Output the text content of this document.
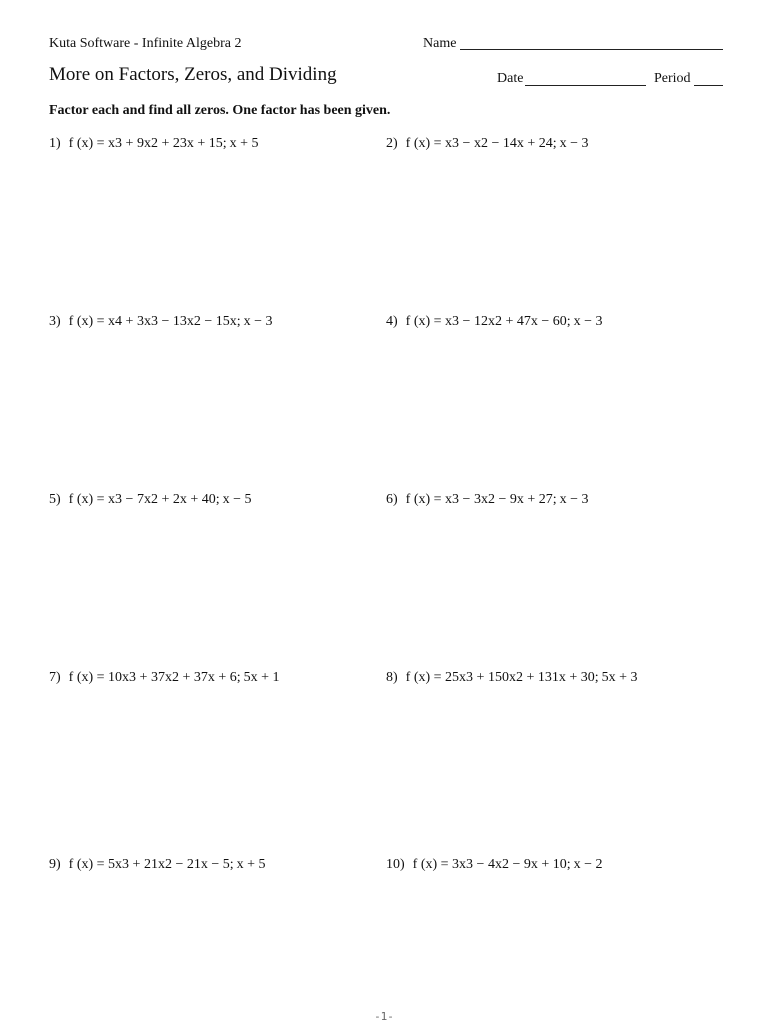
Kuta Software - Infinite Algebra 2	Name
More on Factors, Zeros, and Dividing	Date	Period
Factor each and find all zeros. One factor has been given.
1) f (x) = x3 + 9x2 + 23x + 15; x + 5	2) f (x) = x3 − x2 − 14x + 24; x − 3
3) f (x) = x4 + 3x3 − 13x2 − 15x; x − 3	4) f (x) = x3 − 12x2 + 47x − 60; x − 3
5) f (x) = x3 − 7x2 + 2x + 40; x − 5	6) f (x) = x3 − 3x2 − 9x + 27; x − 3
7) f (x) = 10x3 + 37x2 + 37x + 6; 5x + 1	8) f (x) = 25x3 + 150x2 + 131x + 30; 5x + 3
9) f (x) = 5x3 + 21x2 − 21x − 5; x + 5	10) f (x) = 3x3 − 4x2 − 9x + 10; x − 2
-1-
